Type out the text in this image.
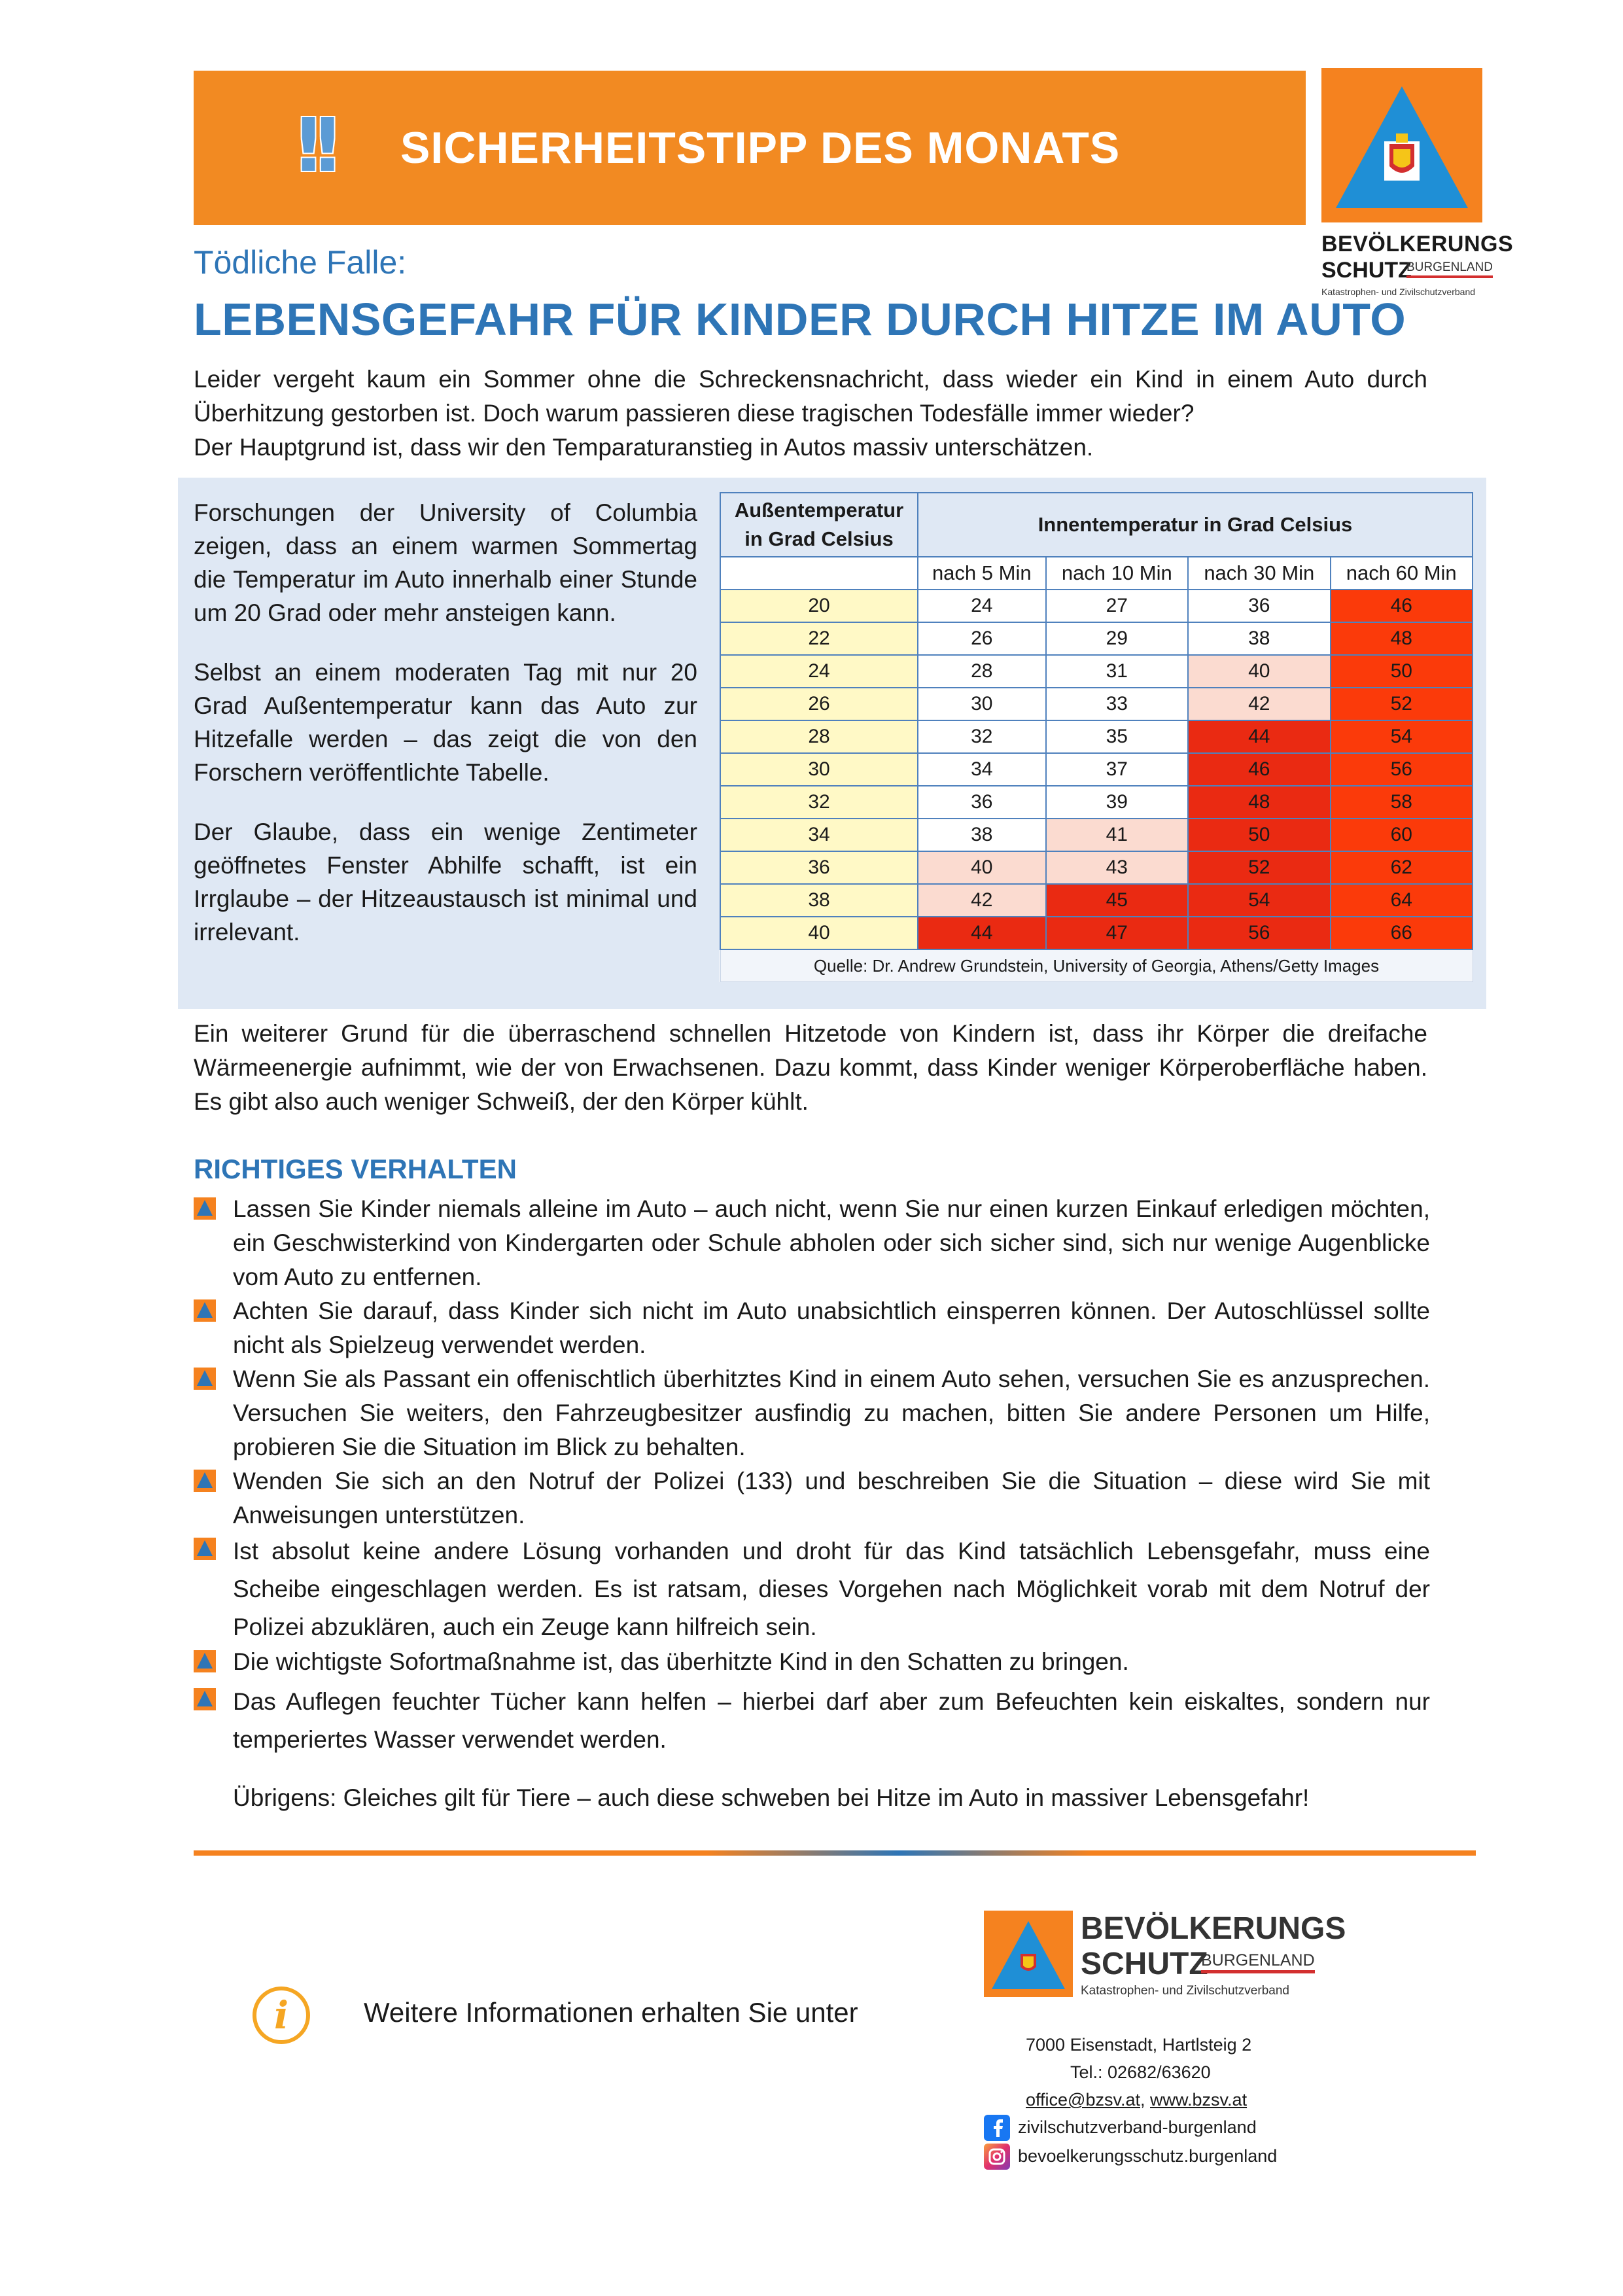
!!	SICHERHEITSTIPP DES MONATS
BEVÖLKERUNGS
SCHUTZ
BURGENLAND
Katastrophen- und Zivilschutzverband
Tödliche Falle:
LEBENSGEFAHR FÜR KINDER DURCH HITZE IM AUTO

Leider vergeht kaum ein Sommer ohne die Schreckensnachricht, dass wieder ein Kind in einem Auto durch Überhitzung gestorben ist. Doch warum passieren diese tragischen Todesfälle immer wieder?

Der Hauptgrund ist, dass wir den Temparaturanstieg in Autos massiv unterschätzen.

Forschungen der University of Columbia zeigen, dass an einem warmen Sommertag die Temperatur im Auto innerhalb einer Stunde um 20 Grad oder mehr ansteigen kann.

Selbst an einem moderaten Tag mit nur 20 Grad Außentemperatur kann das Auto zur Hitzefalle werden – das zeigt die von den Forschern veröffentlichte Tabelle.

Der Glaube, dass ein wenige Zentimeter geöffnetes Fenster Abhilfe schafft, ist ein Irrglaube – der Hitzeaustausch ist minimal und irrelevant.

Außentemperatur
in Grad Celsius	Innentemperatur in Grad Celsius			
	nach 5 Min	nach 10 Min	nach 30 Min	nach 60 Min
20	24	27	36	46
22	26	29	38	48
24	28	31	40	50
26	30	33	42	52
28	32	35	44	54
30	34	37	46	56
32	36	39	48	58
34	38	41	50	60
36	40	43	52	62
38	42	45	54	64
40	44	47	56	66
Quelle: Dr. Andrew Grundstein, University of Georgia, Athens/Getty Images				
Ein weiterer Grund für die überraschend schnellen Hitzetode von Kindern ist, dass ihr Körper die dreifache Wärmeenergie aufnimmt, wie der von Erwachsenen. Dazu kommt, dass Kinder weniger Körperoberfläche haben. Es gibt also auch weniger Schweiß, der den Körper kühlt.
RICHTIGES VERHALTEN
Lassen Sie Kinder niemals alleine im Auto – auch nicht, wenn Sie nur einen kurzen Einkauf erledigen möchten, ein Geschwisterkind von Kindergarten oder Schule abholen oder sich sicher sind, sich nur wenige Augenblicke vom Auto zu entfernen.
Achten Sie darauf, dass Kinder sich nicht im Auto unabsichtlich einsperren können. Der Autoschlüssel sollte nicht als Spielzeug verwendet werden.
Wenn Sie als Passant ein offenischtlich überhitztes Kind in einem Auto sehen, versuchen Sie es anzusprechen. Versuchen Sie weiters, den Fahrzeugbesitzer ausfindig zu machen, bitten Sie andere Personen um Hilfe, probieren Sie die Situation im Blick zu behalten.
Wenden Sie sich an den Notruf der Polizei (133) und beschreiben Sie die Situation – diese wird Sie mit Anweisungen unterstützen.
Ist absolut keine andere Lösung vorhanden und droht für das Kind tatsächlich Lebensgefahr, muss eine Scheibe eingeschlagen werden. Es ist ratsam, dieses Vorgehen nach Möglichkeit vorab mit dem Notruf der Polizei abzuklären, auch ein Zeuge kann hilfreich sein.
Die wichtigste Sofortmaßnahme ist, das überhitzte Kind in den Schatten zu bringen.
Das Auflegen feuchter Tücher kann helfen – hierbei darf aber zum Befeuchten kein eiskaltes, sondern nur temperiertes Wasser verwendet werden.
Übrigens: Gleiches gilt für Tiere – auch diese schweben bei Hitze im Auto in massiver Lebensgefahr!
i	Weitere Informationen erhalten Sie unter
BEVÖLKERUNGS
SCHUTZ
BURGENLAND
Katastrophen- und Zivilschutzverband
7000 Eisenstadt, Hartlsteig 2
Tel.: 02682/63620
office@bzsv.at, www.bzsv.at
zivilschutzverband-burgenland
bevoelkerungsschutz.burgenland
